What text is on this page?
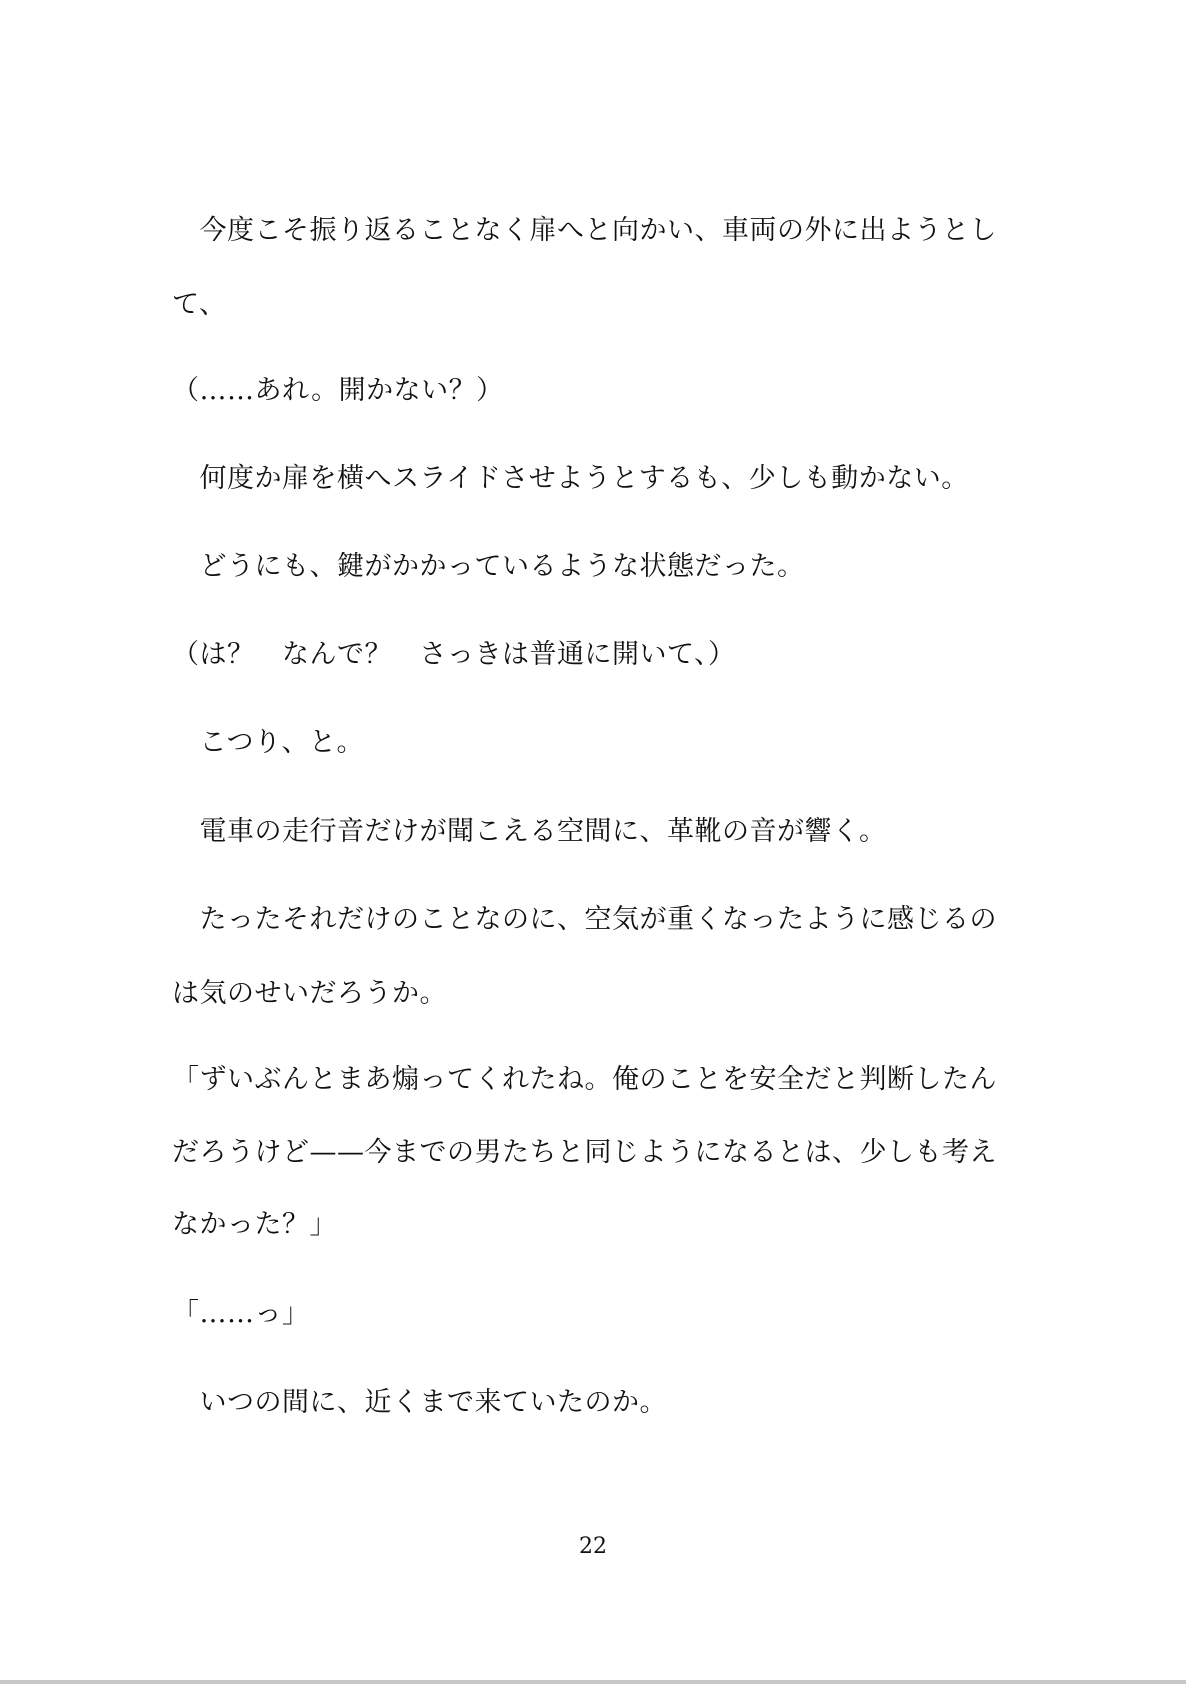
　今度こそ振り返ることなく扉へと向かい、車両の外に出ようとし
て、
（……あれ。開かない？）
　何度か扉を横へスライドさせようとするも、少しも動かない。
　どうにも、鍵がかかっているような状態だった。
（は？　なんで？　さっきは普通に開いて、）
　こつり、と。
　電車の走行音だけが聞こえる空間に、革靴の音が響く。
　たったそれだけのことなのに、空気が重くなったように感じるの
は気のせいだろうか。
「ずいぶんとまあ煽ってくれたね。俺のことを安全だと判断したん
だろうけど——今までの男たちと同じようになるとは、少しも考え
なかった？」
「……っ」
　いつの間に、近くまで来ていたのか。
22
